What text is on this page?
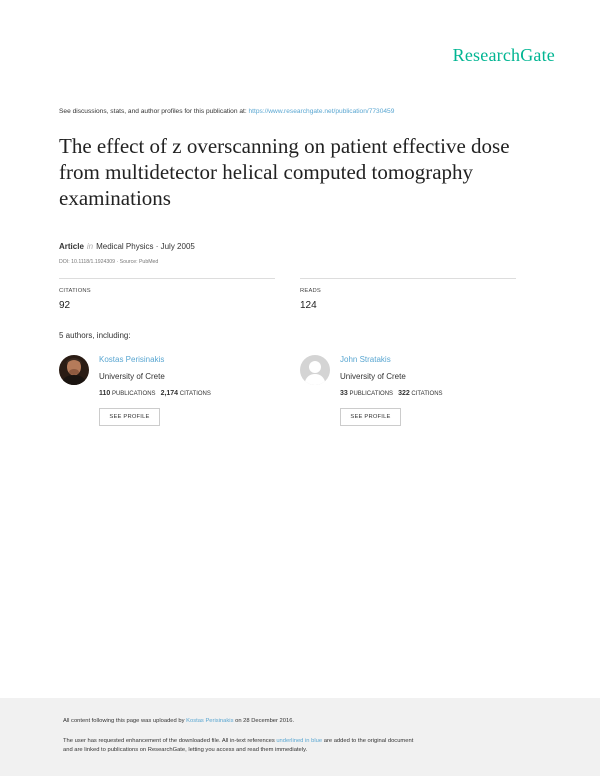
ResearchGate
See discussions, stats, and author profiles for this publication at: https://www.researchgate.net/publication/7730459
The effect of z overscanning on patient effective dose from multidetector helical computed tomography examinations
Article in Medical Physics · July 2005
DOI: 10.1118/1.1924309 · Source: PubMed
CITATIONS
92
READS
124
5 authors, including:
Kostas Perisinakis
University of Crete
110 PUBLICATIONS 2,174 CITATIONS
SEE PROFILE
John Stratakis
University of Crete
33 PUBLICATIONS 322 CITATIONS
SEE PROFILE

All content following this page was uploaded by Kostas Perisinakis on 28 December 2016.

The user has requested enhancement of the downloaded file. All in-text references underlined in blue are added to the original document

and are linked to publications on ResearchGate, letting you access and read them immediately.
